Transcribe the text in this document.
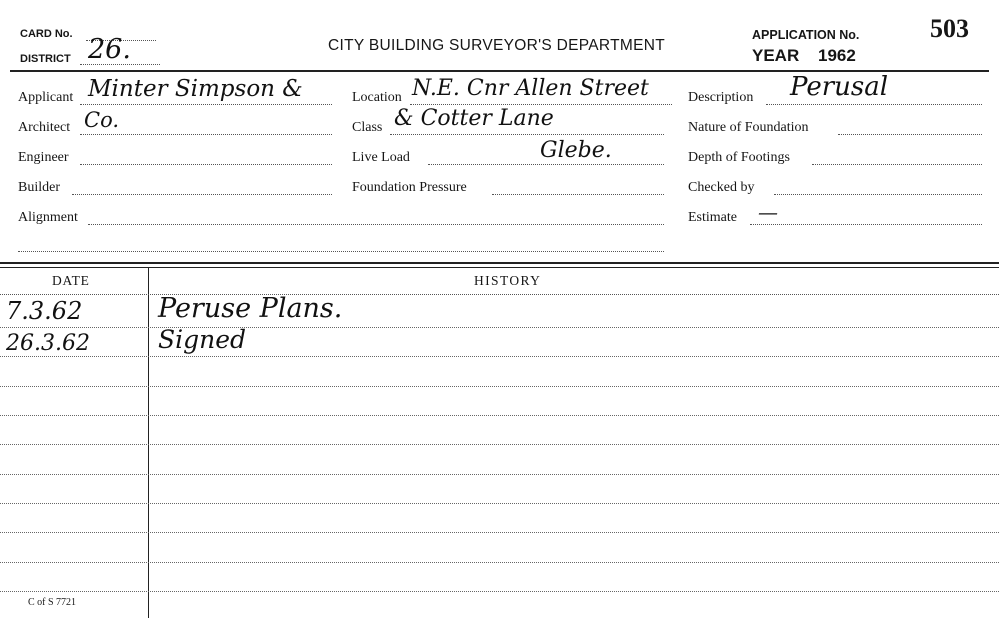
CARD No.
DISTRICT 26.	CITY BUILDING SURVEYOR'S DEPARTMENT
APPLICATION No.	503
YEAR 1962
Applicant Minter Simpson &
Architect Co.
Engineer
Builder
Alignment
Location N.E. Cnr Allen Street
Class & Cotter Lane
Live Load	Glebe.
Foundation Pressure
Description Perusal
Nature of Foundation
Depth of Footings
Checked by
Estimate —
DATE	HISTORY
7.3.62	Peruse Plans.
26.3.62	Signed
C of S 7721
